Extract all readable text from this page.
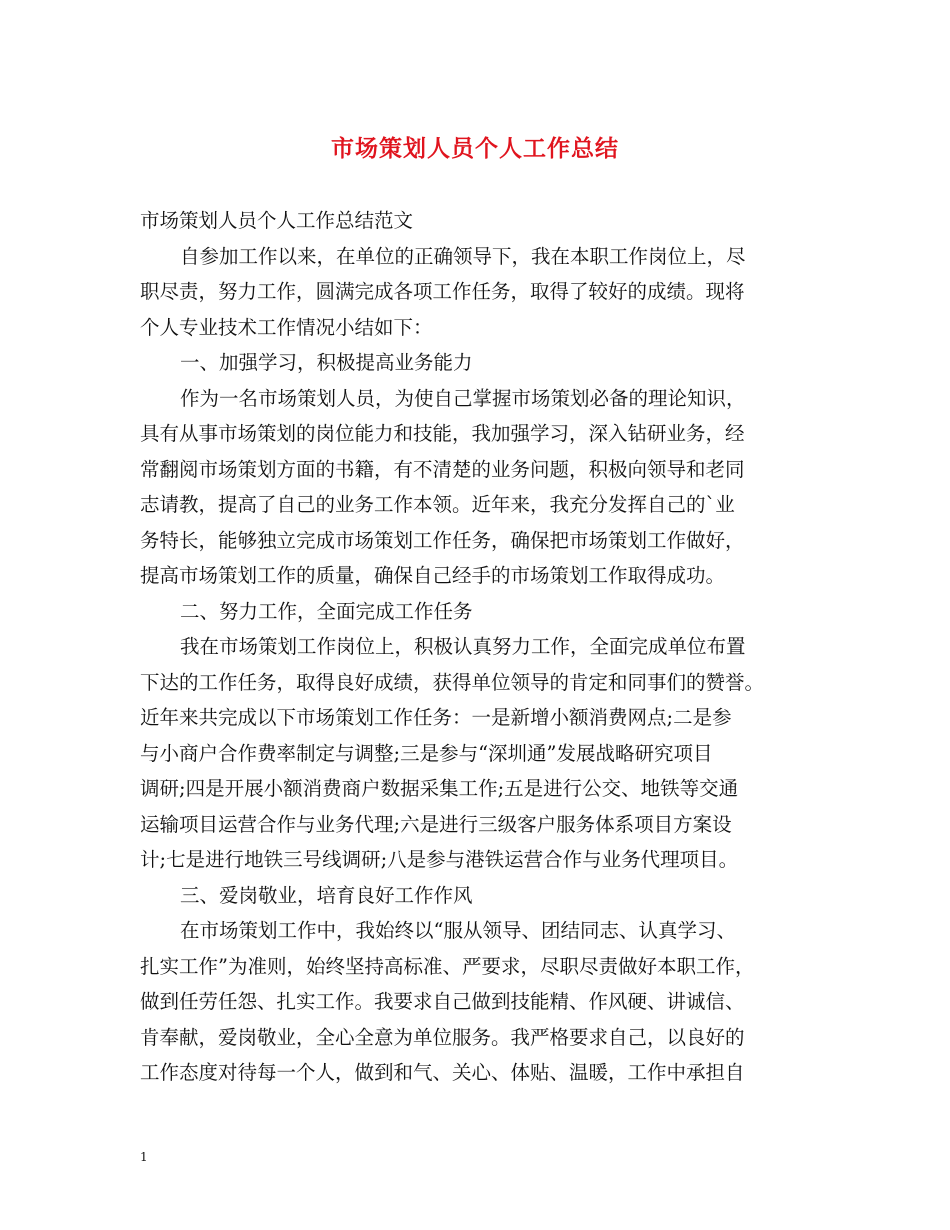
市场策划人员个人工作总结
市场策划人员个人工作总结范文
自参加工作以来，在单位的正确领导下，我在本职工作岗位上，尽
职尽责，努力工作，圆满完成各项工作任务，取得了较好的成绩。现将
个人专业技术工作情况小结如下：
一、加强学习，积极提高业务能力
作为一名市场策划人员，为使自己掌握市场策划必备的理论知识，
具有从事市场策划的岗位能力和技能，我加强学习，深入钻研业务，经
常翻阅市场策划方面的书籍，有不清楚的业务问题，积极向领导和老同
志请教，提高了自己的业务工作本领。近年来，我充分发挥自己的`业
务特长，能够独立完成市场策划工作任务，确保把市场策划工作做好，
提高市场策划工作的质量，确保自己经手的市场策划工作取得成功。
二、努力工作，全面完成工作任务
我在市场策划工作岗位上，积极认真努力工作，全面完成单位布置
下达的工作任务，取得良好成绩，获得单位领导的肯定和同事们的赞誉。
近年来共完成以下市场策划工作任务：一是新增小额消费网点;二是参
与小商户合作费率制定与调整;三是参与“深圳通”发展战略研究项目
调研;四是开展小额消费商户数据采集工作;五是进行公交、地铁等交通
运输项目运营合作与业务代理;六是进行三级客户服务体系项目方案设
计;七是进行地铁三号线调研;八是参与港铁运营合作与业务代理项目。
三、爱岗敬业，培育良好工作作风
在市场策划工作中，我始终以“服从领导、团结同志、认真学习、
扎实工作”为准则，始终坚持高标准、严要求，尽职尽责做好本职工作，
做到任劳任怨、扎实工作。我要求自己做到技能精、作风硬、讲诚信、
肯奉献，爱岗敬业，全心全意为单位服务。我严格要求自己，以良好的
工作态度对待每一个人，做到和气、关心、体贴、温暖，工作中承担自
1
